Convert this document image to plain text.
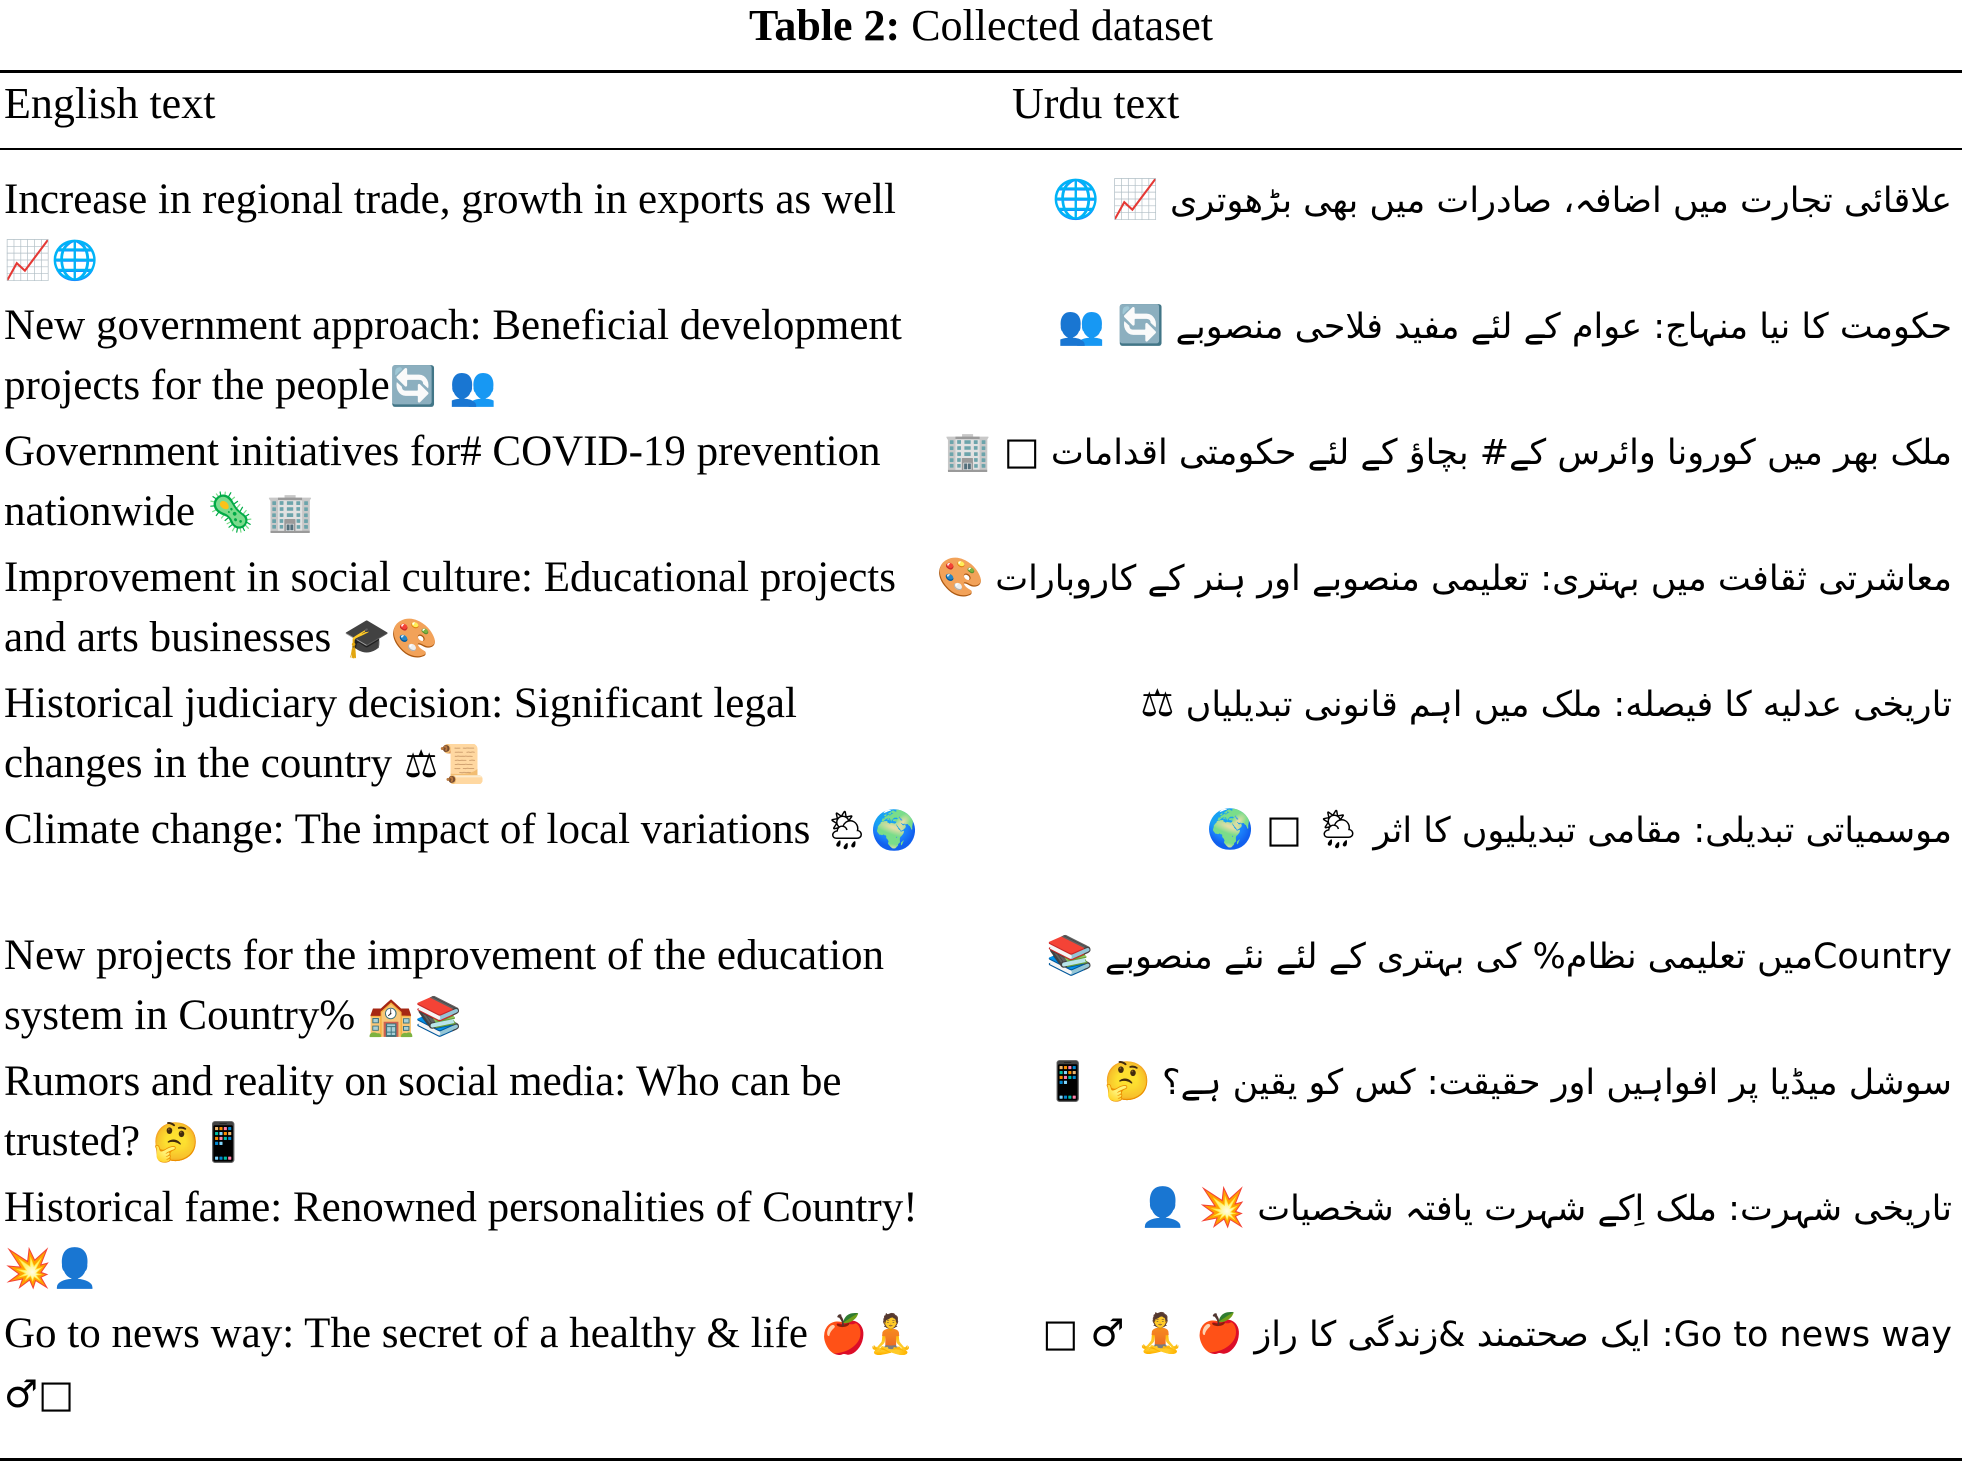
Table 2: Collected dataset
English text	Urdu text
Increase in regional trade, growth in exports as well📈🌐
علاقائی تجارت میں اضافہ، صادرات میں بھی بڑھوتری 📈 🌐
New government approach: Beneficial development projects for the people🔄 👥
حکومت کا نیا منہاج: عوام کے لئے مفید فلاحی منصوبے 🔄 👥
Government initiatives for# COVID-19 prevention nationwide 🦠 🏢
ملک بھر میں کورونا وائرس کے# بچاؤ کے لئے حکومتی اقدامات □ 🏢
Improvement in social culture: Educational projects and arts businesses 🎓🎨
معاشرتی ثقافت میں بہتری: تعلیمی منصوبے اور ہنر کے کاروبارات 🎨
Historical judiciary decision: Significant legal changes in the country ⚖📜
تاریخی عدلیه کا فیصله: ملک میں اہم قانونی تبدیلیاں ⚖
Climate change: The impact of local variations 🌦🌍	موسمیاتی تبدیلی: مقامی تبدیلیوں کا اثر 🌦 □ 🌍
New projects for the improvement of the education system in Country% 🏫📚
Countryمیں تعلیمی نظام% کی بہتری کے لئے نئے منصوبے 📚
Rumors and reality on social media: Who can be trusted? 🤔📱
سوشل میڈیا پر افواہیں اور حقیقت: کس کو یقین ہے؟ 🤔 📱
Historical fame: Renowned personalities of Country! 💥👤
تاریخی شہرت: ملک اِکے شہرت یافتہ شخصیات 💥 👤
Go to news way: The secret of a healthy & life 🍎🧘♂□
Go to news way: ایک صحتمند &زندگی کا راز 🍎 🧘 ♂ □
